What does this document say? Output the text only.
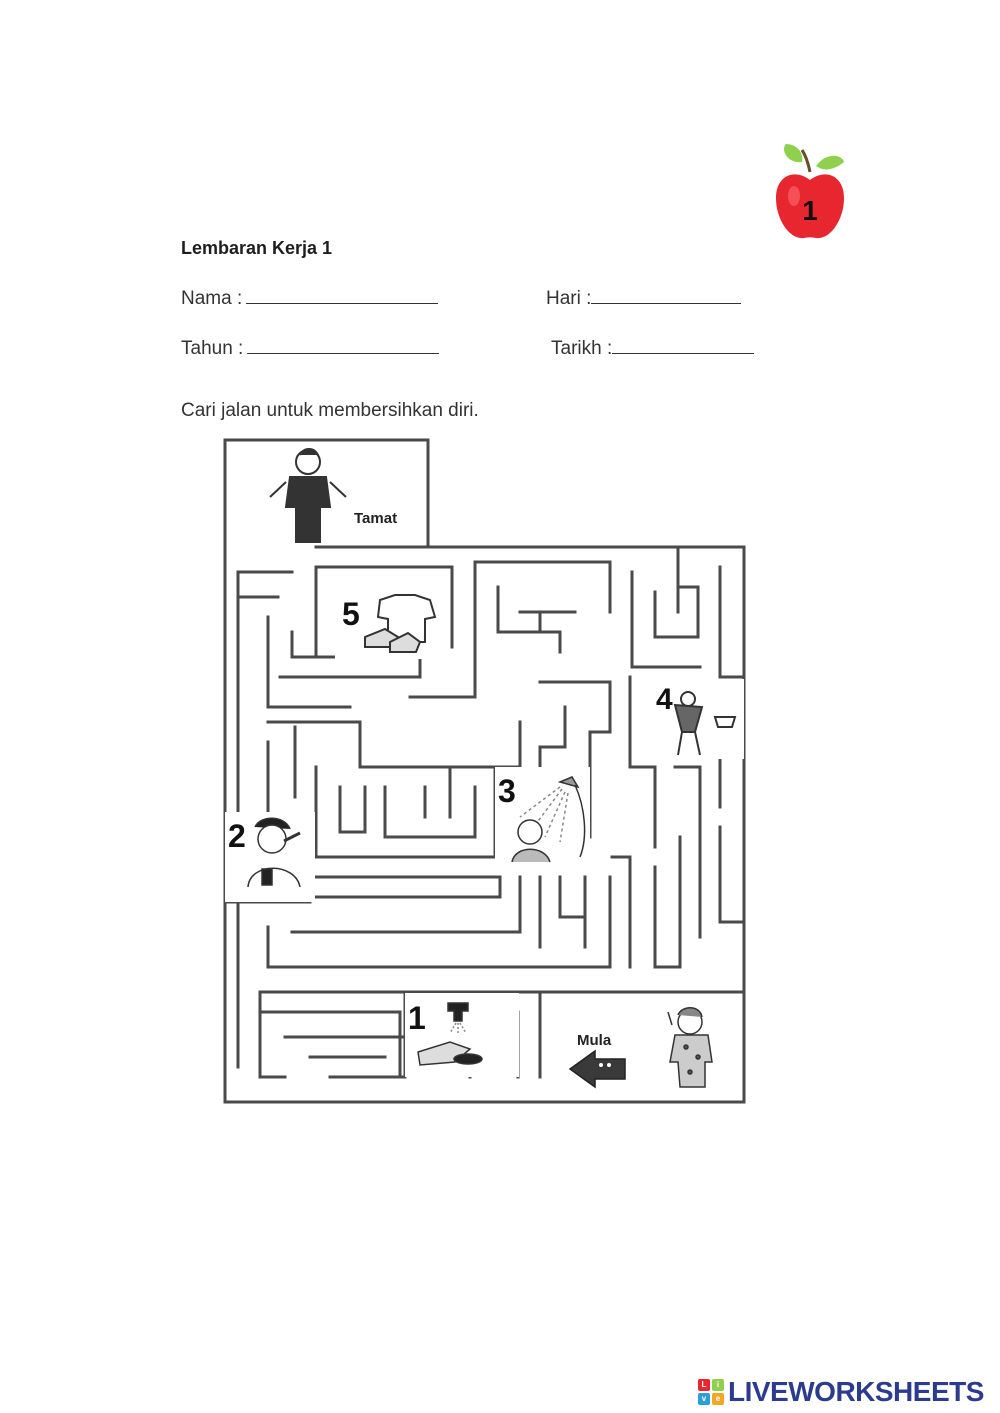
1
Lembaran Kerja 1
Nama :	Hari :
Tahun :	Tarikh :
Cari jalan untuk membersihkan diri.
Tamat
5
4
3
2
1
Mula
L	i
v	e LIVEWORKSHEETS
